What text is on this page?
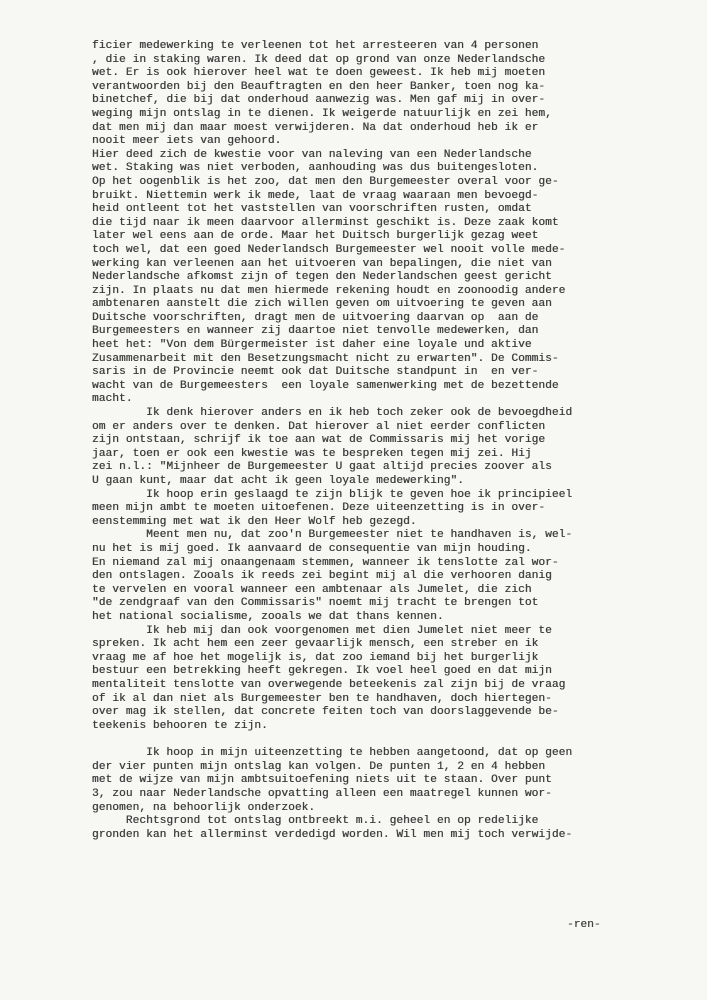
ficier medewerking te verleenen tot het arresteeren van 4 personen
, die in staking waren. Ik deed dat op grond van onze Nederlandsche
wet. Er is ook hierover heel wat te doen geweest. Ik heb mij moeten
verantwoorden bij den Beauftragten en den heer Banker, toen nog ka-
binetchef, die bij dat onderhoud aanwezig was. Men gaf mij in over-
weging mijn ontslag in te dienen. Ik weigerde natuurlijk en zei hem,
dat men mij dan maar moest verwijderen. Na dat onderhoud heb ik er
nooit meer iets van gehoord.
Hier deed zich de kwestie voor van naleving van een Nederlandsche
wet. Staking was niet verboden, aanhouding was dus buitengesloten.
Op het oogenblik is het zoo, dat men den Burgemeester overal voor ge-
bruikt. Niettemin werk ik mede, laat de vraag waaraan men bevoegd-
heid ontleent tot het vaststellen van voorschriften rusten, omdat
die tijd naar ik meen daarvoor allerminst geschikt is. Deze zaak komt
later wel eens aan de orde. Maar het Duitsch burgerlijk gezag weet
toch wel, dat een goed Nederlandsch Burgemeester wel nooit volle mede-
werking kan verleenen aan het uitvoeren van bepalingen, die niet van
Nederlandsche afkomst zijn of tegen den Nederlandschen geest gericht
zijn. In plaats nu dat men hiermede rekening houdt en zoonoodig andere
ambtenaren aanstelt die zich willen geven om uitvoering te geven aan
Duitsche voorschriften, dragt men de uitvoering daarvan op  aan de
Burgemeesters en wanneer zij daartoe niet tenvolle medewerken, dan
heet het: "Von dem Bürgermeister ist daher eine loyale und aktive
Zusammenarbeit mit den Besetzungsmacht nicht zu erwarten". De Commis-
saris in de Provincie neemt ook dat Duitsche standpunt in  en ver-
wacht van de Burgemeesters  een loyale samenwerking met de bezettende
macht.
Ik denk hierover anders en ik heb toch zeker ook de bevoegdheid
om er anders over te denken. Dat hierover al niet eerder conflicten
zijn ontstaan, schrijf ik toe aan wat de Commissaris mij het vorige
jaar, toen er ook een kwestie was te bespreken tegen mij zei. Hij
zei n.l.: "Mijnheer de Burgemeester U gaat altijd precies zoover als
U gaan kunt, maar dat acht ik geen loyale medewerking".
Ik hoop erin geslaagd te zijn blijk te geven hoe ik principieel
meen mijn ambt te moeten uitoefenen. Deze uiteenzetting is in over-
eenstemming met wat ik den Heer Wolf heb gezegd.
Meent men nu, dat zoo'n Burgemeester niet te handhaven is, wel-
nu het is mij goed. Ik aanvaard de consequentie van mijn houding.
En niemand zal mij onaangenaam stemmen, wanneer ik tenslotte zal wor-
den ontslagen. Zooals ik reeds zei begint mij al die verhooren danig
te vervelen en vooral wanneer een ambtenaar als Jumelet, die zich
"de zendgraaf van den Commissaris" noemt mij tracht te brengen tot
het national socialisme, zooals we dat thans kennen.
Ik heb mij dan ook voorgenomen met dien Jumelet niet meer te
spreken. Ik acht hem een zeer gevaarlijk mensch, een streber en ik
vraag me af hoe het mogelijk is, dat zoo iemand bij het burgerlijk
bestuur een betrekking heeft gekregen. Ik voel heel goed en dat mijn
mentaliteit tenslotte van overwegende beteekenis zal zijn bij de vraag
of ik al dan niet als Burgemeester ben te handhaven, doch hiertegen-
over mag ik stellen, dat concrete feiten toch van doorslaggevende be-
teekenis behooren te zijn.
Ik hoop in mijn uiteenzetting te hebben aangetoond, dat op geen
der vier punten mijn ontslag kan volgen. De punten 1, 2 en 4 hebben
met de wijze van mijn ambtsuitoefening niets uit te staan. Over punt
3, zou naar Nederlandsche opvatting alleen een maatregel kunnen wor-
genomen, na behoorlijk onderzoek.
Rechtsgrond tot ontslag ontbreekt m.i. geheel en op redelijke
gronden kan het allerminst verdedigd worden. Wil men mij toch verwijde-
-ren-
